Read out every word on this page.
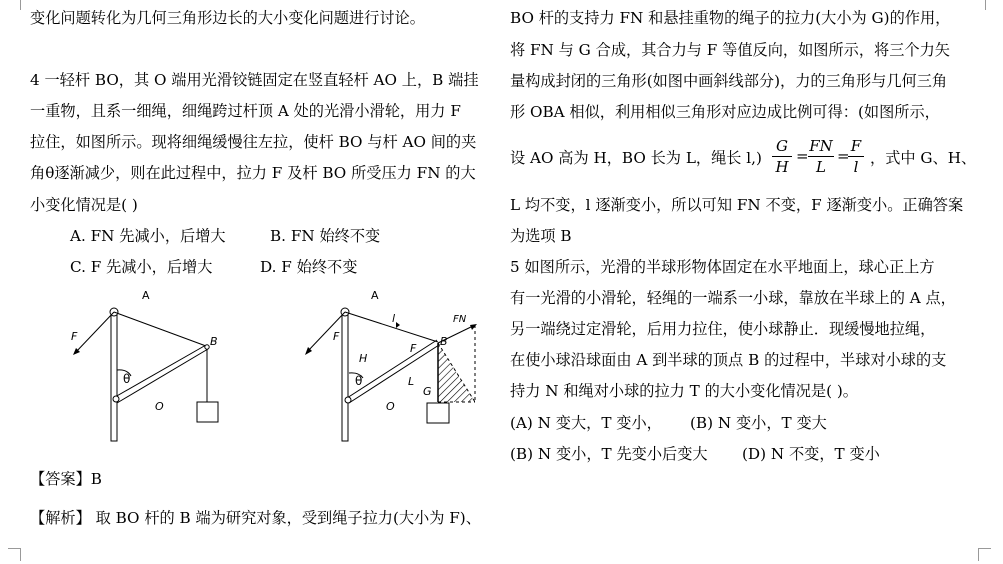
变化问题转化为几何三角形边长的大小变化问题进行讨论。
4 一轻杆 BO，其 O 端用光滑铰链固定在竖直轻杆 AO 上，B 端挂
一重物，且系一细绳，细绳跨过杆顶 A 处的光滑小滑轮，用力 F
拉住，如图所示。现将细绳缓慢往左拉，使杆 BO 与杆 AO 间的夹
角θ逐渐减少，则在此过程中，拉力 F 及杆 BO 所受压力 FN 的大
小变化情况是( )
A. FN 先减小，后增大	B. FN 始终不变
C. F 先减小，后增大	D. F 始终不变
A
F	B
O
θ
A
F
l
F
B
FN
G
H
L
O
θ
【答案】B
【解析】 取 BO 杆的 B 端为研究对象，受到绳子拉力(大小为 F)、
BO 杆的支持力 FN 和悬挂重物的绳子的拉力(大小为 G)的作用，
将 FN 与 G 合成，其合力与 F 等值反向，如图所示，将三个力矢
量构成封闭的三角形(如图中画斜线部分)，力的三角形与几何三角
形 OBA 相似，利用相似三角形对应边成比例可得：(如图所示，
设 AO 高为 H，BO 长为 L，绳长 l,)
G
H
=
FN
L
=
F
l ，式中 G、H、
L 均不变，l 逐渐变小，所以可知 FN 不变，F 逐渐变小。正确答案
为选项 B
5 如图所示，光滑的半球形物体固定在水平地面上，球心正上方
有一光滑的小滑轮，轻绳的一端系一小球，靠放在半球上的 A 点，
另一端绕过定滑轮，后用力拉住，使小球静止．现缓慢地拉绳，
在使小球沿球面由 A 到半球的顶点 B 的过程中，半球对小球的支
持力 N 和绳对小球的拉力 T 的大小变化情况是( )。
(A) N 变大，T 变小， (B) N 变小，T 变大
(B) N 变小，T 先变小后变大 (D) N 不变，T 变小
